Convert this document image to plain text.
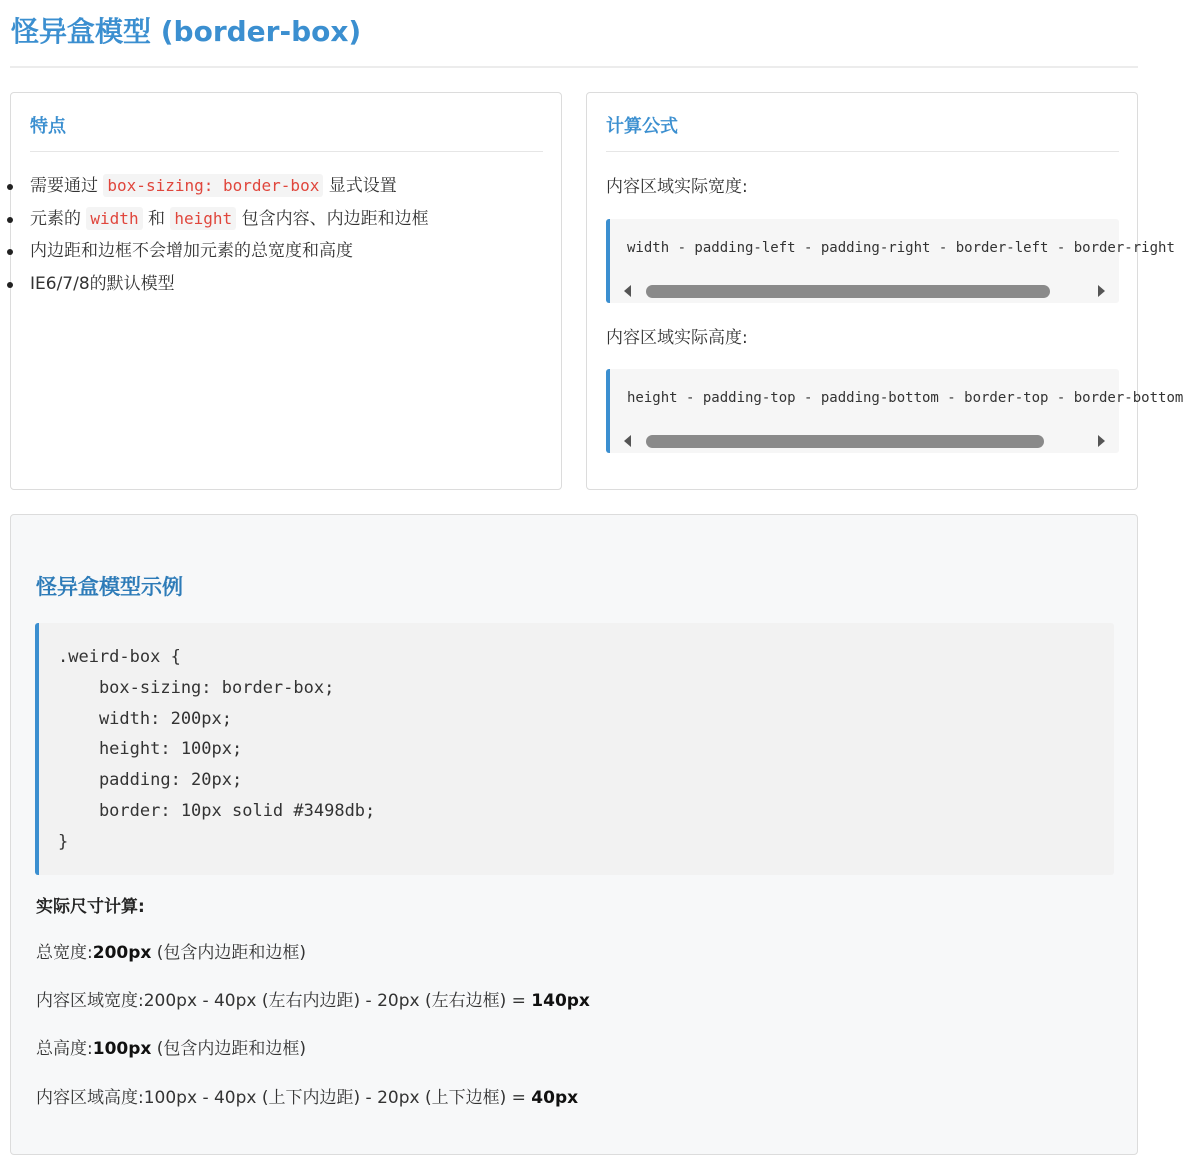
怪异盒模型 (border-box)
特点
需要通过 box-sizing: border-box 显式设置
元素的 width 和 height 包含内容、内边距和边框
内边距和边框不会增加元素的总宽度和高度
IE6/7/8的默认模型
计算公式

内容区域实际宽度:

width - padding-left - padding-right - border-left - border-right

内容区域实际高度:

height - padding-top - padding-bottom - border-top - border-bottom
怪异盒模型示例
.weird-box {
box-sizing: border-box;
width: 200px;
height: 100px;
padding: 20px;
border: 10px solid #3498db;
}

实际尺寸计算:

总宽度:200px (包含内边距和边框)

内容区域宽度:200px - 40px (左右内边距) - 20px (左右边框) = 140px

总高度:100px (包含内边距和边框)

内容区域高度:100px - 40px (上下内边距) - 20px (上下边框) = 40px
